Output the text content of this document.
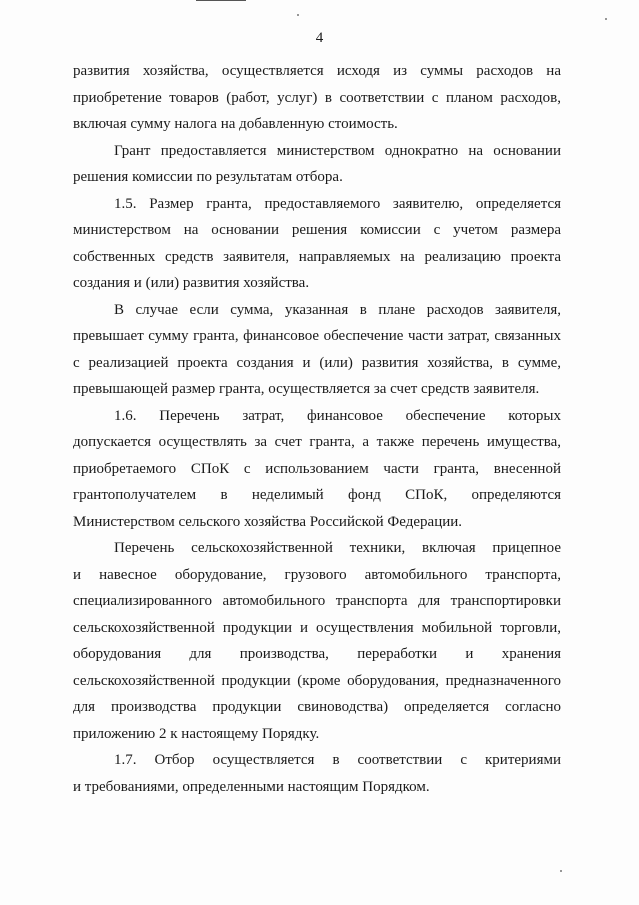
4
развития хозяйства, осуществляется исходя из суммы расходов на
приобретение товаров (работ, услуг) в соответствии с планом расходов,
включая сумму налога на добавленную стоимость.
Грант предоставляется министерством однократно на основании
решения комиссии по результатам отбора.
1.5. Размер гранта, предоставляемого заявителю, определяется
министерством на основании решения комиссии с учетом размера
собственных средств заявителя, направляемых на реализацию проекта
создания и (или) развития хозяйства.
В случае если сумма, указанная в плане расходов заявителя,
превышает сумму гранта, финансовое обеспечение части затрат, связанных
с реализацией проекта создания и (или) развития хозяйства, в сумме,
превышающей размер гранта, осуществляется за счет средств заявителя.
1.6. Перечень затрат, финансовое обеспечение которых
допускается осуществлять за счет гранта, а также перечень имущества,
приобретаемого СПоК с использованием части гранта, внесенной
грантополучателем в неделимый фонд СПоК, определяются
Министерством сельского хозяйства Российской Федерации.
Перечень сельскохозяйственной техники, включая прицепное
и навесное оборудование, грузового автомобильного транспорта,
специализированного автомобильного транспорта для транспортировки
сельскохозяйственной продукции и осуществления мобильной торговли,
оборудования для производства, переработки и хранения
сельскохозяйственной продукции (кроме оборудования, предназначенного
для производства продукции свиноводства) определяется согласно
приложению 2 к настоящему Порядку.
1.7. Отбор осуществляется в соответствии с критериями
и требованиями, определенными настоящим Порядком.
